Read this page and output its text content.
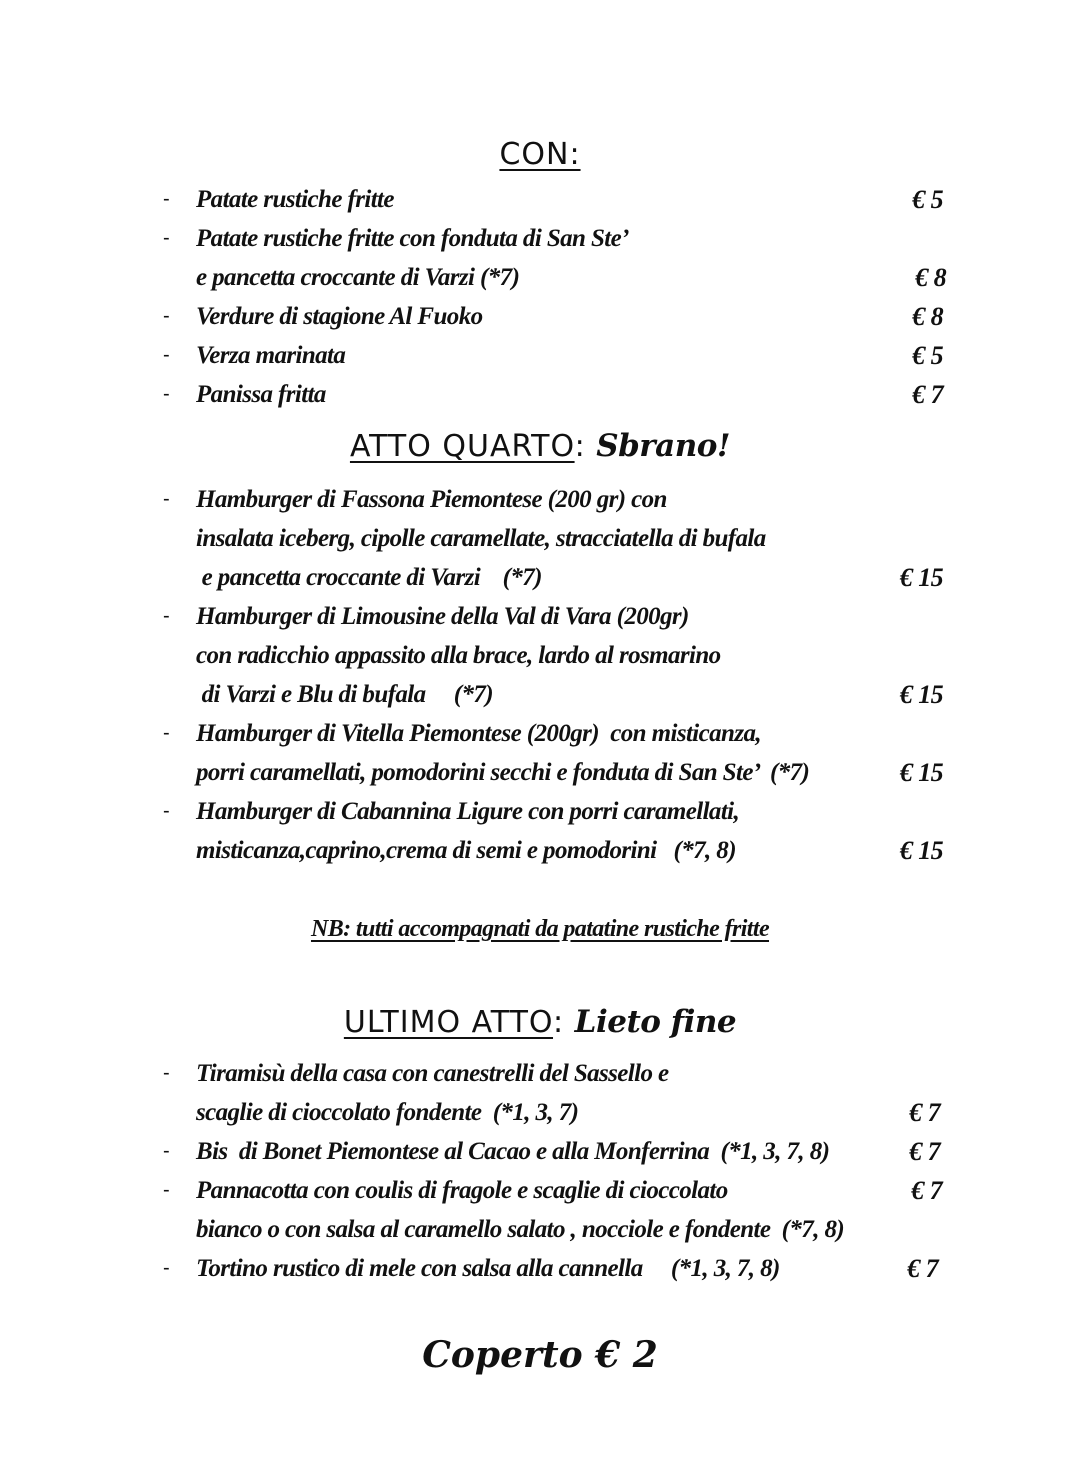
CON:
- Patate rustiche fritte	€ 5
- Patate rustiche fritte con fonduta di San Ste’
e pancetta croccante di Varzi (*7)	€ 8
- Verdure di stagione Al Fuoko	€ 8
- Verza marinata	€ 5
- Panissa fritta	€ 7
ATTO QUARTO: Sbrano!
- Hamburger di Fassona Piemontese (200 gr) con
insalata iceberg, cipolle caramellate, stracciatella di bufala
e pancetta croccante di Varzi    (*7)	€ 15
- Hamburger di Limousine della Val di Vara (200gr)
con radicchio appassito alla brace, lardo al rosmarino
di Varzi e Blu di bufala     (*7)	€ 15
- Hamburger di Vitella Piemontese (200gr)  con misticanza,
porri caramellati, pomodorini secchi e fonduta di San Ste’  (*7)	€ 15
- Hamburger di Cabannina Ligure con porri caramellati,
misticanza,caprino,crema di semi e pomodorini   (*7, 8)	€ 15
NB: tutti accompagnati da patatine rustiche fritte
ULTIMO ATTO: Lieto fine
- Tiramisù della casa con canestrelli del Sassello e
scaglie di cioccolato fondente  (*1, 3, 7)	€ 7
- Bis  di Bonet Piemontese al Cacao e alla Monferrina  (*1, 3, 7, 8)	€ 7
- Pannacotta con coulis di fragole e scaglie di cioccolato	€ 7
bianco o con salsa al caramello salato , nocciole e fondente  (*7, 8)
- Tortino rustico di mele con salsa alla cannella     (*1, 3, 7, 8)	€ 7
Coperto € 2
